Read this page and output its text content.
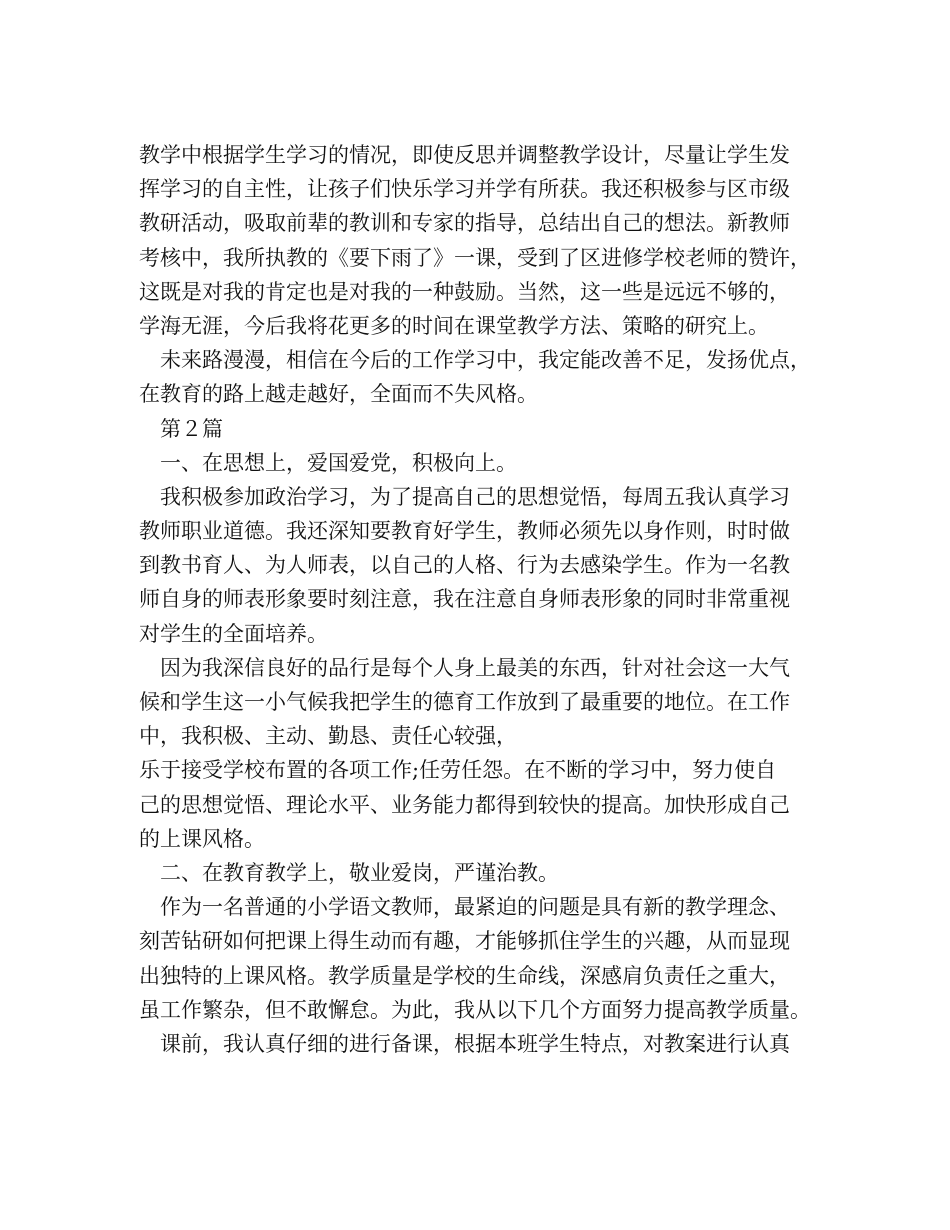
教学中根据学生学习的情况，即使反思并调整教学设计，尽量让学生发
挥学习的自主性，让孩子们快乐学习并学有所获。我还积极参与区市级
教研活动，吸取前辈的教训和专家的指导，总结出自己的想法。新教师
考核中，我所执教的《要下雨了》一课，受到了区进修学校老师的赞许，
这既是对我的肯定也是对我的一种鼓励。当然，这一些是远远不够的，
学海无涯，今后我将花更多的时间在课堂教学方法、策略的研究上。
未来路漫漫，相信在今后的工作学习中，我定能改善不足，发扬优点，
在教育的路上越走越好，全面而不失风格。
第２篇
一、在思想上，爱国爱党，积极向上。
我积极参加政治学习，为了提高自己的思想觉悟，每周五我认真学习
教师职业道德。我还深知要教育好学生，教师必须先以身作则，时时做
到教书育人、为人师表，以自己的人格、行为去感染学生。作为一名教
师自身的师表形象要时刻注意，我在注意自身师表形象的同时非常重视
对学生的全面培养。
因为我深信良好的品行是每个人身上最美的东西，针对社会这一大气
候和学生这一小气候我把学生的德育工作放到了最重要的地位。在工作
中，我积极、主动、勤恳、责任心较强，
乐于接受学校布置的各项工作;任劳任怨。在不断的学习中，努力使自
己的思想觉悟、理论水平、业务能力都得到较快的提高。加快形成自己
的上课风格。
二、在教育教学上，敬业爱岗，严谨治教。
作为一名普通的小学语文教师，最紧迫的问题是具有新的教学理念、
刻苦钻研如何把课上得生动而有趣，才能够抓住学生的兴趣，从而显现
出独特的上课风格。教学质量是学校的生命线，深感肩负责任之重大，
虽工作繁杂，但不敢懈怠。为此，我从以下几个方面努力提高教学质量。
课前，我认真仔细的进行备课，根据本班学生特点，对教案进行认真
